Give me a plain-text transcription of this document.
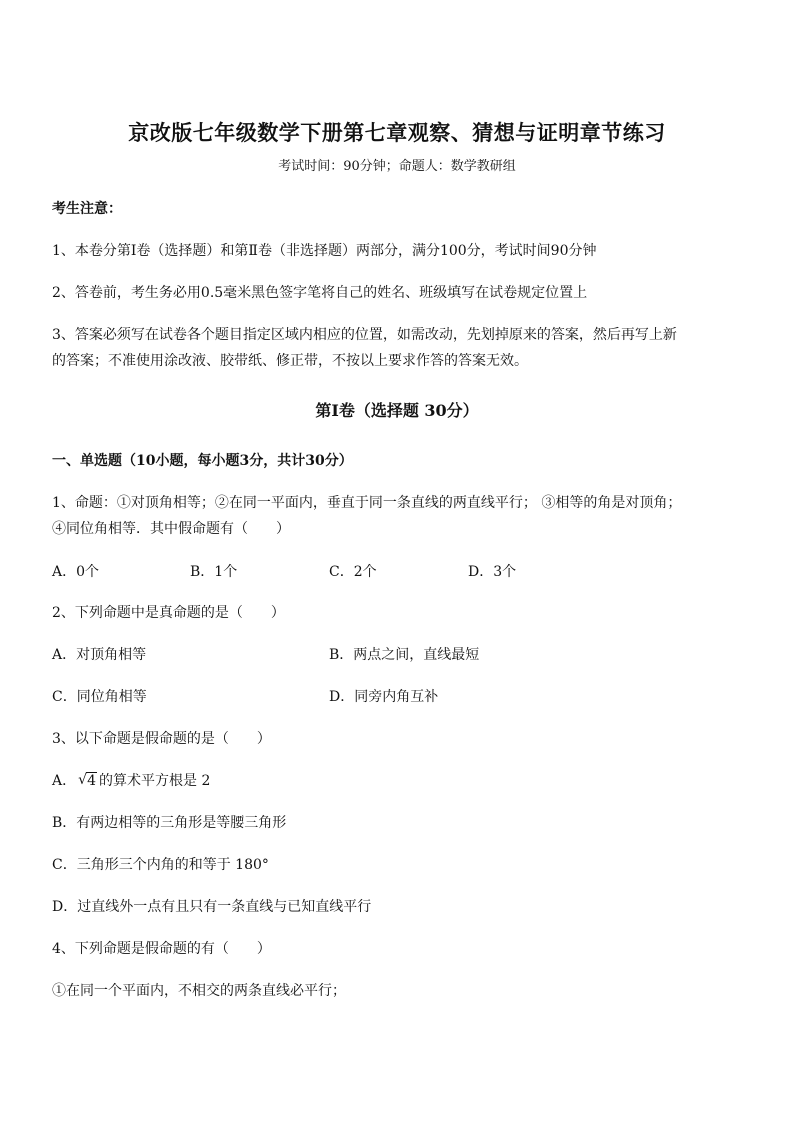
京改版七年级数学下册第七章观察、猜想与证明章节练习
考试时间：90分钟；命题人：数学教研组
考生注意：
1、本卷分第Ⅰ卷（选择题）和第Ⅱ卷（非选择题）两部分，满分100分，考试时间90分钟
2、答卷前，考生务必用0.5毫米黑色签字笔将自己的姓名、班级填写在试卷规定位置上
3、答案必须写在试卷各个题目指定区域内相应的位置，如需改动，先划掉原来的答案，然后再写上新
的答案；不准使用涂改液、胶带纸、修正带，不按以上要求作答的答案无效。
第Ⅰ卷（选择题 30分）
一、单选题（10小题，每小题3分，共计30分）
1、命题：①对顶角相等；②在同一平面内，垂直于同一条直线的两直线平行； ③相等的角是对顶角；
④同位角相等．其中假命题有（　　）
A．0个	B．1个	C．2个	D．3个
2、下列命题中是真命题的是（　　）
A．对顶角相等	B．两点之间，直线最短
C．同位角相等	D．同旁内角互补
3、以下命题是假命题的是（　　）
A． √ 4 的算术平方根是 2
B．有两边相等的三角形是等腰三角形
C．三角形三个内角的和等于 180°
D．过直线外一点有且只有一条直线与已知直线平行
4、下列命题是假命题的有（　　）
①在同一个平面内，不相交的两条直线必平行；
